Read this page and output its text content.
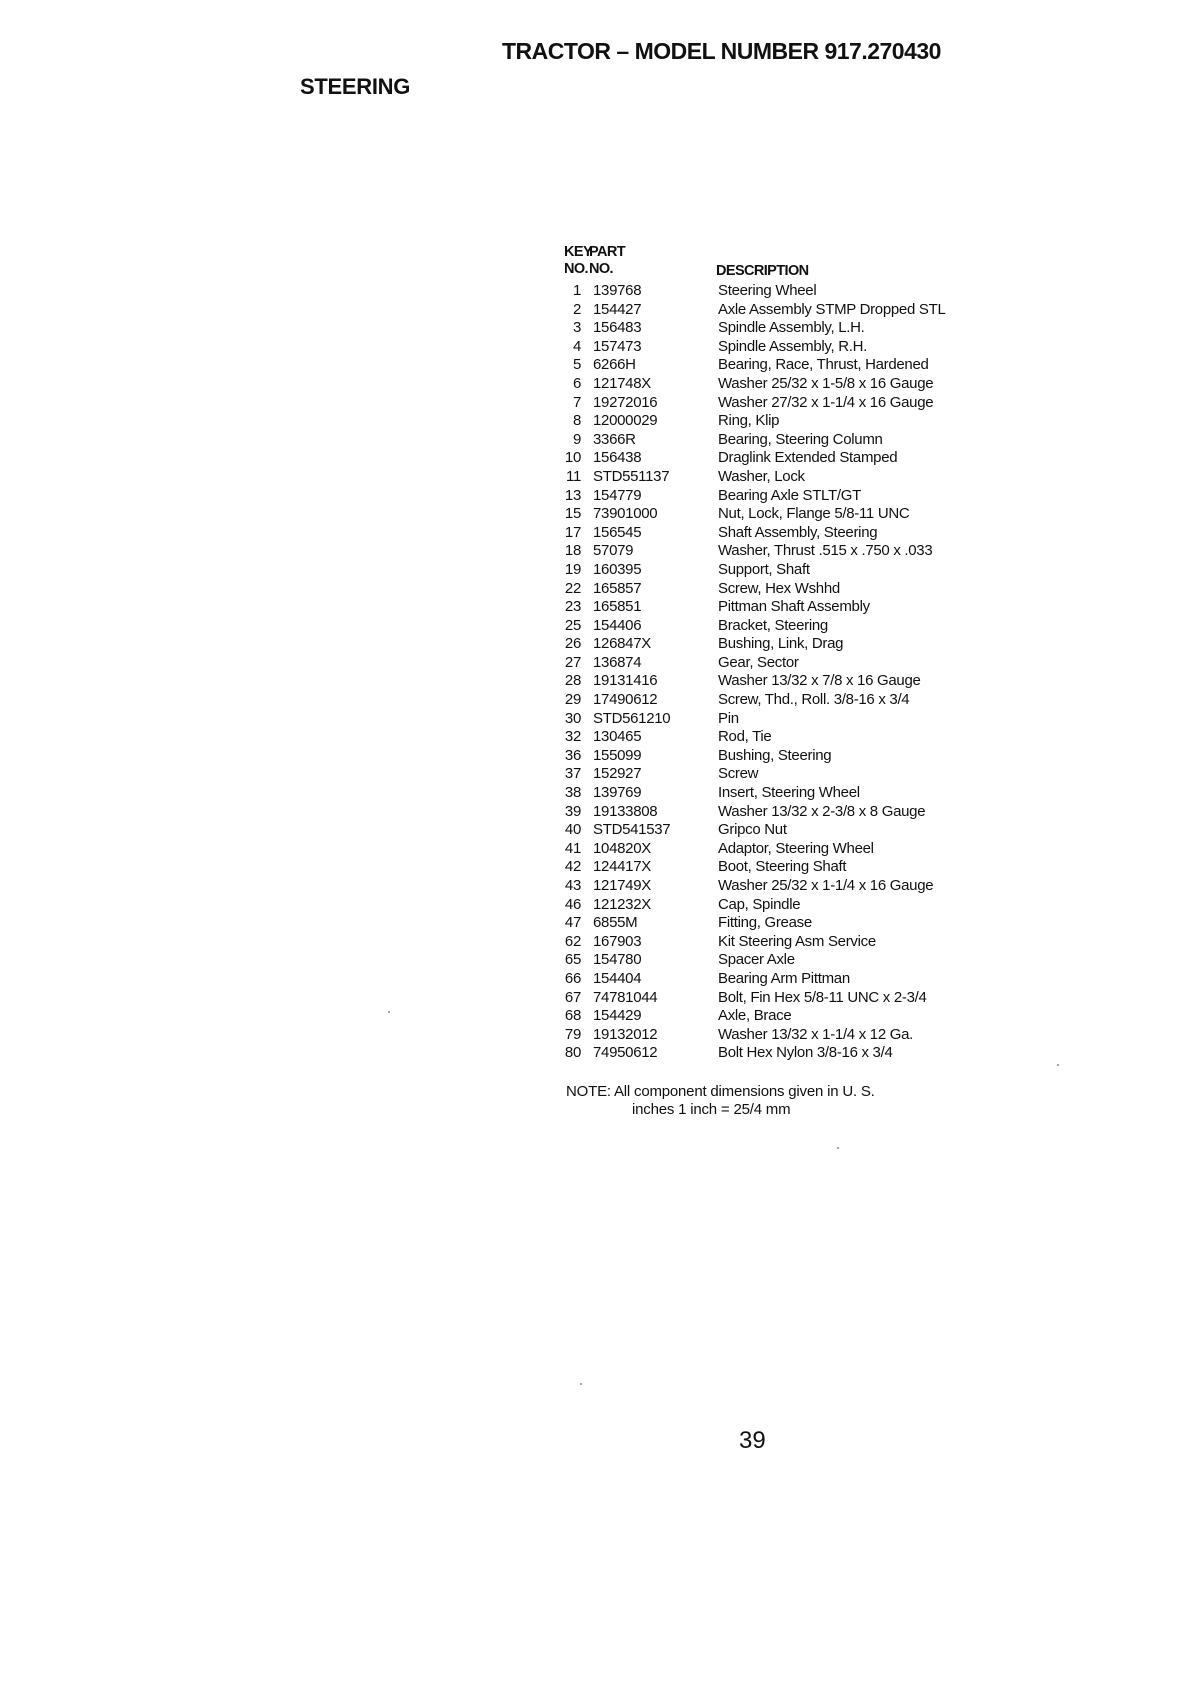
TRACTOR – MODEL NUMBER 917.270430
STEERING
KEY
PART
NO. NO.	DESCRIPTION
1 139768	Steering Wheel
2 154427	Axle Assembly STMP Dropped STL
3 156483	Spindle Assembly, L.H.
4 157473	Spindle Assembly, R.H.
5 6266H	Bearing, Race, Thrust, Hardened
6 121748X	Washer 25/32 x 1-5/8 x 16 Gauge
7 19272016	Washer 27/32 x 1-1/4 x 16 Gauge
8 12000029	Ring, Klip
9 3366R	Bearing, Steering Column
10 156438	Draglink Extended Stamped
11 STD551137	Washer, Lock
13 154779	Bearing Axle STLT/GT
15 73901000	Nut, Lock, Flange 5/8-11 UNC
17 156545	Shaft Assembly, Steering
18 57079	Washer, Thrust .515 x .750 x .033
19 160395	Support, Shaft
22 165857	Screw, Hex Wshhd
23 165851	Pittman Shaft Assembly
25 154406	Bracket, Steering
26 126847X	Bushing, Link, Drag
27 136874	Gear, Sector
28 19131416	Washer 13/32 x 7/8 x 16 Gauge
29 17490612	Screw, Thd., Roll. 3/8-16 x 3/4
30 STD561210	Pin
32 130465	Rod, Tie
36 155099	Bushing, Steering
37 152927	Screw
38 139769	Insert, Steering Wheel
39 19133808	Washer 13/32 x 2-3/8 x 8 Gauge
40 STD541537	Gripco Nut
41 104820X	Adaptor, Steering Wheel
42 124417X	Boot, Steering Shaft
43 121749X	Washer 25/32 x 1-1/4 x 16 Gauge
46 121232X	Cap, Spindle
47 6855M	Fitting, Grease
62 167903	Kit Steering Asm Service
65 154780	Spacer Axle
66 154404	Bearing Arm Pittman
67 74781044	Bolt, Fin Hex 5/8-11 UNC x 2-3/4
68 154429	Axle, Brace
79 19132012	Washer 13/32 x 1-1/4 x 12 Ga.
80 74950612	Bolt Hex Nylon 3/8-16 x 3/4
NOTE: All component dimensions given in U. S.
inches 1 inch = 25/4 mm
39
